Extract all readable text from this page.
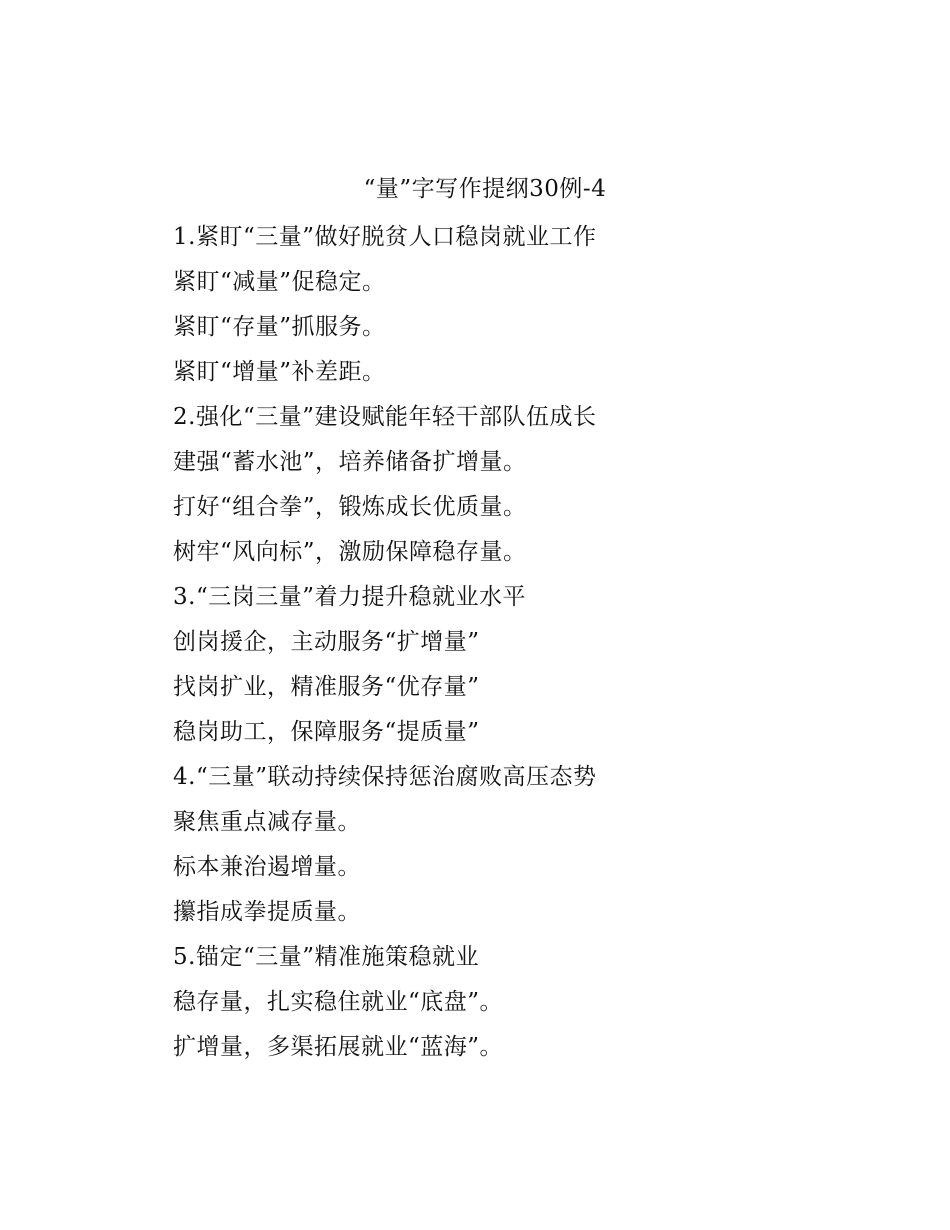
“量”字写作提纲30例-4
1.紧盯“三量”做好脱贫人口稳岗就业工作
紧盯“减量”促稳定。
紧盯“存量”抓服务。
紧盯“增量”补差距。
2.强化“三量”建设赋能年轻干部队伍成长
建强“蓄水池”，培养储备扩增量。
打好“组合拳”，锻炼成长优质量。
树牢“风向标”，激励保障稳存量。
3.“三岗三量”着力提升稳就业水平
创岗援企，主动服务“扩增量”
找岗扩业，精准服务“优存量”
稳岗助工，保障服务“提质量”
4.“三量”联动持续保持惩治腐败高压态势
聚焦重点减存量。
标本兼治遏增量。
攥指成拳提质量。
5.锚定“三量”精准施策稳就业
稳存量，扎实稳住就业“底盘”。
扩增量，多渠拓展就业“蓝海”。
